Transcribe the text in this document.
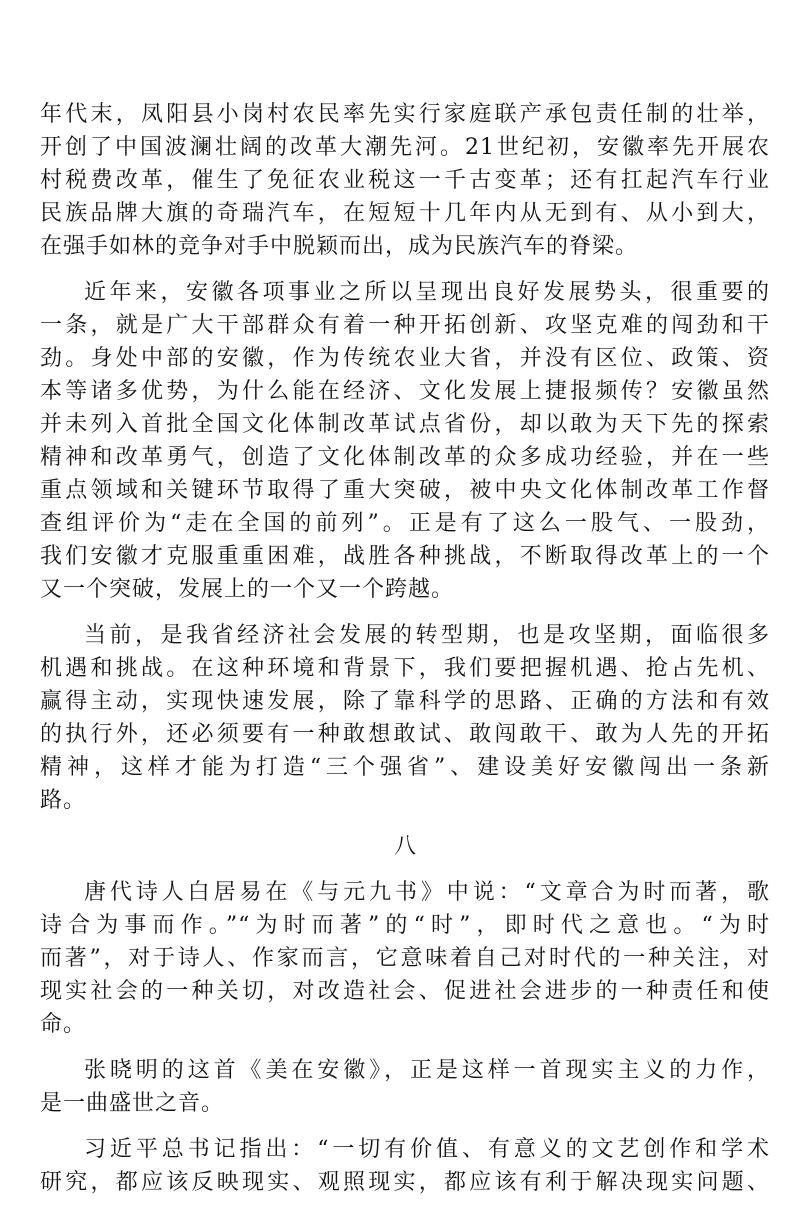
年代末，凤阳县小岗村农民率先实行家庭联产承包责任制的壮举，
开创了中国波澜壮阔的改革大潮先河。21世纪初，安徽率先开展农
村税费改革，催生了免征农业税这一千古变革；还有扛起汽车行业
民族品牌大旗的奇瑞汽车，在短短十几年内从无到有、从小到大，
在强手如林的竞争对手中脱颖而出，成为民族汽车的脊梁。
近年来，安徽各项事业之所以呈现出良好发展势头，很重要的
一条，就是广大干部群众有着一种开拓创新、攻坚克难的闯劲和干
劲。身处中部的安徽，作为传统农业大省，并没有区位、政策、资
本等诸多优势，为什么能在经济、文化发展上捷报频传？安徽虽然
并未列入首批全国文化体制改革试点省份，却以敢为天下先的探索
精神和改革勇气，创造了文化体制改革的众多成功经验，并在一些
重点领域和关键环节取得了重大突破，被中央文化体制改革工作督
查组评价为“走在全国的前列”。正是有了这么一股气、一股劲，
我们安徽才克服重重困难，战胜各种挑战，不断取得改革上的一个
又一个突破，发展上的一个又一个跨越。
当前，是我省经济社会发展的转型期，也是攻坚期，面临很多
机遇和挑战。在这种环境和背景下，我们要把握机遇、抢占先机、
赢得主动，实现快速发展，除了靠科学的思路、正确的方法和有效
的执行外，还必须要有一种敢想敢试、敢闯敢干、敢为人先的开拓
精神，这样才能为打造“三个强省”、建设美好安徽闯出一条新
路。
八
唐代诗人白居易在《与元九书》中说：“文章合为时而著，歌
诗合为事而作。”“为时而著”的“时”，即时代之意也。“为时
而著”，对于诗人、作家而言，它意味着自己对时代的一种关注，对
现实社会的一种关切，对改造社会、促进社会进步的一种责任和使
命。
张晓明的这首《美在安徽》，正是这样一首现实主义的力作，
是一曲盛世之音。
习近平总书记指出：“一切有价值、有意义的文艺创作和学术
研究，都应该反映现实、观照现实，都应该有利于解决现实问题、
